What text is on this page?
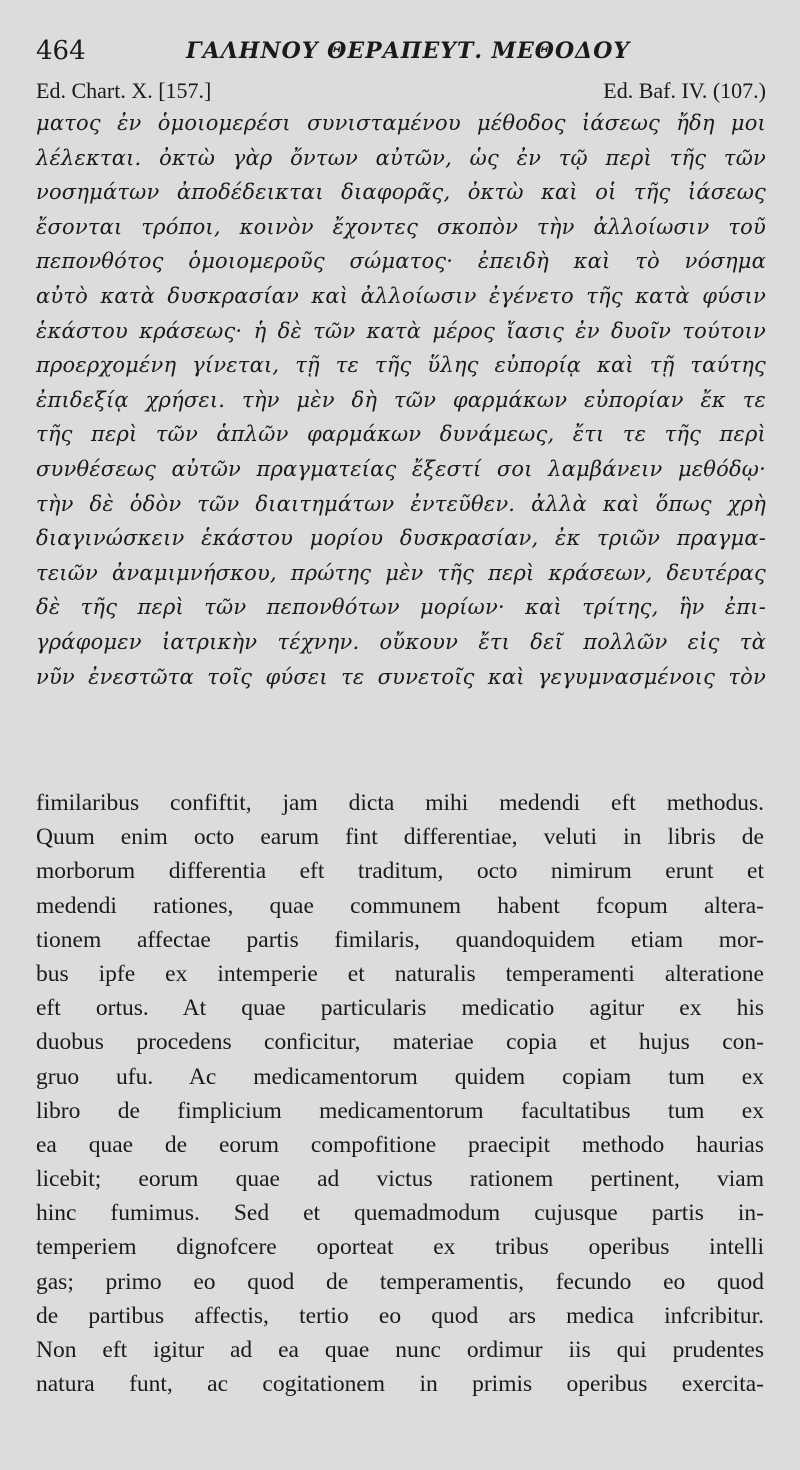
464	ΓΑΛΗΝΟΥ ΘΕΡΑΠΕΥΤ. ΜΕΘΟΔΟΥ
Ed. Chart. X. [157.]	Ed. Baf. IV. (107.)
ματος ἐν ὁμοιομερέσι συνισταμένου μέθοδος ἰάσεως ἤδη μοι
λέλεκται. ὀκτὼ γὰρ ὄντων αὐτῶν, ὡς ἐν τῷ περὶ τῆς τῶν
νοσημάτων ἀποδέδεικται διαφορᾶς, ὀκτὼ καὶ οἱ τῆς ἰάσεως
ἔσονται τρόποι, κοινὸν ἔχοντες σκοπὸν τὴν ἀλλοίωσιν τοῦ
πεπονθότος ὁμοιομεροῦς σώματος· ἐπειδὴ καὶ τὸ νόσημα
αὐτὸ κατὰ δυσκρασίαν καὶ ἀλλοίωσιν ἐγένετο τῆς κατὰ φύσιν
ἑκάστου κράσεως· ἡ δὲ τῶν κατὰ μέρος ἴασις ἐν δυοῖν τούτοιν
προερχομένη γίνεται, τῇ τε τῆς ὕλης εὐπορίᾳ καὶ τῇ ταύτης
ἐπιδεξίᾳ χρήσει. τὴν μὲν δὴ τῶν φαρμάκων εὐπορίαν ἔκ τε
τῆς περὶ τῶν ἁπλῶν φαρμάκων δυνάμεως, ἔτι τε τῆς περὶ
συνθέσεως αὐτῶν πραγματείας ἔξεστί σοι λαμβάνειν μεθόδῳ·
τὴν δὲ ὁδὸν τῶν διαιτημάτων ἐντεῦθεν. ἀλλὰ καὶ ὅπως χρὴ
διαγινώσκειν ἑκάστου μορίου δυσκρασίαν, ἐκ τριῶν πραγμα-
τειῶν ἀναμιμνήσκου, πρώτης μὲν τῆς περὶ κράσεων, δευτέρας
δὲ τῆς περὶ τῶν πεπονθότων μορίων· καὶ τρίτης, ἣν ἐπι-
γράφομεν ἰατρικὴν τέχνην. οὔκουν ἔτι δεῖ πολλῶν εἰς τὰ
νῦν ἐνεστῶτα τοῖς φύσει τε συνετοῖς καὶ γεγυμνασμένοις τὸν
fimilaribus confiftit, jam dicta mihi medendi eft methodus.
Quum enim octo earum fint differentiae, veluti in libris de
morborum differentia eft traditum, octo nimirum erunt et
medendi rationes, quae communem habent fcopum altera-
tionem affectae partis fimilaris, quandoquidem etiam mor-
bus ipfe ex intemperie et naturalis temperamenti alteratione
eft ortus. At quae particularis medicatio agitur ex his
duobus procedens conficitur, materiae copia et hujus con-
gruo ufu. Ac medicamentorum quidem copiam tum ex
libro de fimplicium medicamentorum facultatibus tum ex
ea quae de eorum compofitione praecipit methodo haurias
licebit; eorum quae ad victus rationem pertinent, viam
hinc fumimus. Sed et quemadmodum cujusque partis in-
temperiem dignofcere oporteat ex tribus operibus intelli
gas; primo eo quod de temperamentis, fecundo eo quod
de partibus affectis, tertio eo quod ars medica infcribitur.
Non eft igitur ad ea quae nunc ordimur iis qui prudentes
natura funt, ac cogitationem in primis operibus exercita-
